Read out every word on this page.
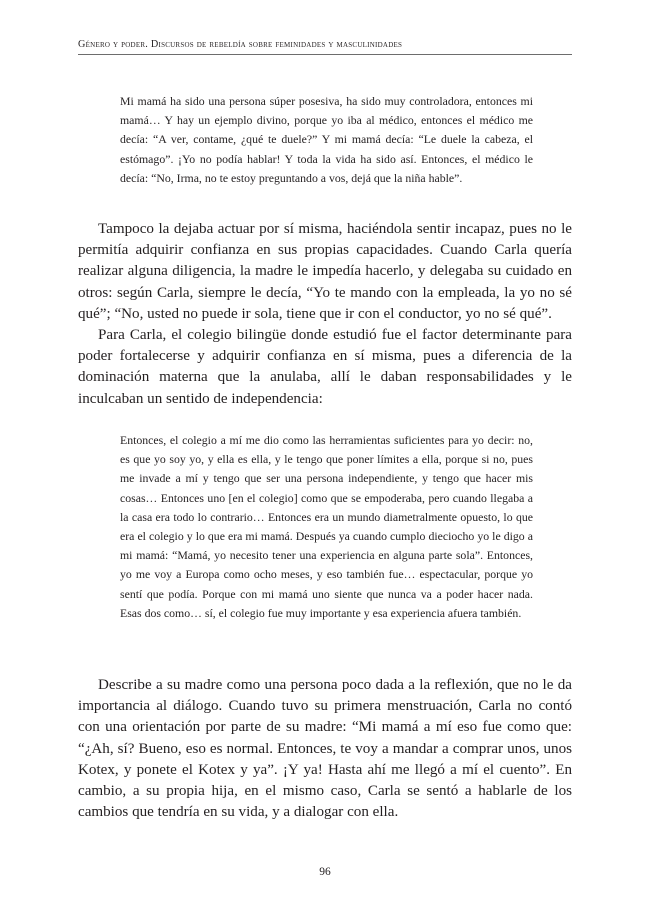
Género y poder. Discursos de rebeldía sobre feminidades y masculinidades
Mi mamá ha sido una persona súper posesiva, ha sido muy controladora, entonces mi mamá… Y hay un ejemplo divino, porque yo iba al médico, entonces el médico me decía: “A ver, contame, ¿qué te duele?” Y mi mamá decía: “Le duele la cabeza, el estómago”. ¡Yo no podía hablar! Y toda la vida ha sido así. Entonces, el médico le decía: “No, Irma, no te estoy preguntando a vos, dejá que la niña hable”.

Tampoco la dejaba actuar por sí misma, haciéndola sentir incapaz, pues no le permitía adquirir confianza en sus propias capacidades. Cuando Carla quería realizar alguna diligencia, la madre le impedía hacerlo, y delegaba su cuidado en otros: según Carla, siempre le decía, “Yo te mando con la empleada, la yo no sé qué”; “No, usted no puede ir sola, tiene que ir con el conductor, yo no sé qué”.

Para Carla, el colegio bilingüe donde estudió fue el factor determinante para poder fortalecerse y adquirir confianza en sí misma, pues a diferencia de la dominación materna que la anulaba, allí le daban responsabilidades y le inculcaban un sentido de independencia:

Entonces, el colegio a mí me dio como las herramientas suficientes para yo decir: no, es que yo soy yo, y ella es ella, y le tengo que poner límites a ella, porque si no, pues me invade a mí y tengo que ser una persona independiente, y tengo que hacer mis cosas… Entonces uno [en el colegio] como que se empoderaba, pero cuando llegaba a la casa era todo lo contrario… Entonces era un mundo diametralmente opuesto, lo que era el colegio y lo que era mi mamá. Después ya cuando cumplo dieciocho yo le digo a mi mamá: “Mamá, yo necesito tener una experiencia en alguna parte sola”. Entonces, yo me voy a Europa como ocho meses, y eso también fue… espectacular, porque yo sentí que podía. Porque con mi mamá uno siente que nunca va a poder hacer nada. Esas dos como… sí, el colegio fue muy importante y esa experiencia afuera también.

Describe a su madre como una persona poco dada a la reflexión, que no le da importancia al diálogo. Cuando tuvo su primera menstruación, Carla no contó con una orientación por parte de su madre: “Mi mamá a mí eso fue como que: “¿Ah, sí? Bueno, eso es normal. Entonces, te voy a mandar a comprar unos, unos Kotex, y ponete el Kotex y ya”. ¡Y ya! Hasta ahí me llegó a mí el cuento”. En cambio, a su propia hija, en el mismo caso, Carla se sentó a hablarle de los cambios que tendría en su vida, y a dialogar con ella.

96
